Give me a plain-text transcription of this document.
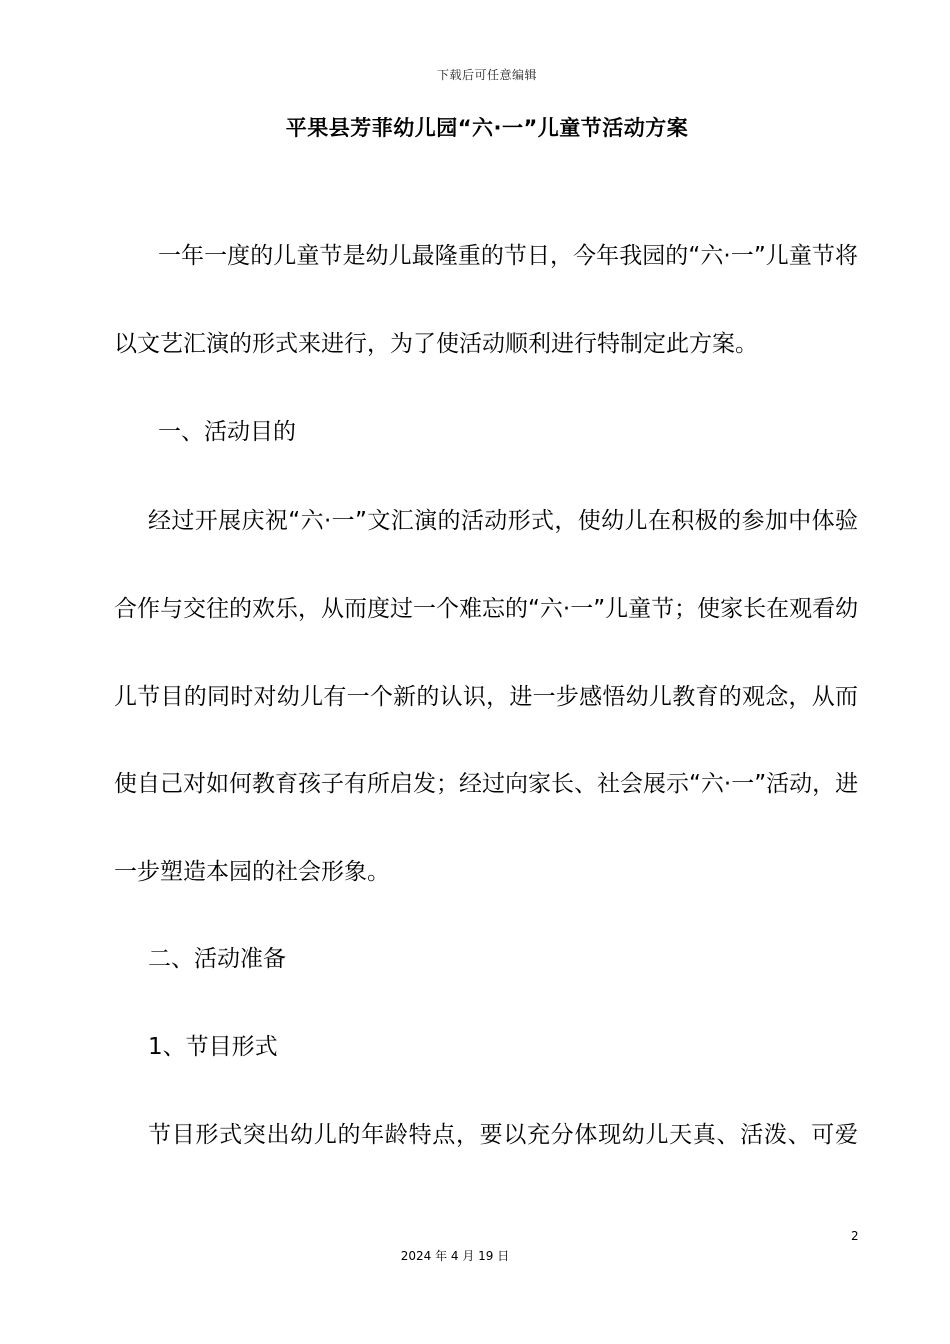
下载后可任意编辑
平果县芳菲幼儿园“六·一”儿童节活动方案
一年一度的儿童节是幼儿最隆重的节日，今年我园的“六·一”儿童节将
以文艺汇演的形式来进行，为了使活动顺利进行特制定此方案。
一、活动目的
经过开展庆祝“六·一”文汇演的活动形式，使幼儿在积极的参加中体验
合作与交往的欢乐，从而度过一个难忘的“六·一”儿童节；使家长在观看幼
儿节目的同时对幼儿有一个新的认识，进一步感悟幼儿教育的观念，从而
使自己对如何教育孩子有所启发；经过向家长、社会展示“六·一”活动，进
一步塑造本园的社会形象。
二、活动准备
1、节目形式
节目形式突出幼儿的年龄特点，要以充分体现幼儿天真、活泼、可爱
2
2024 年 4 月 19 日
